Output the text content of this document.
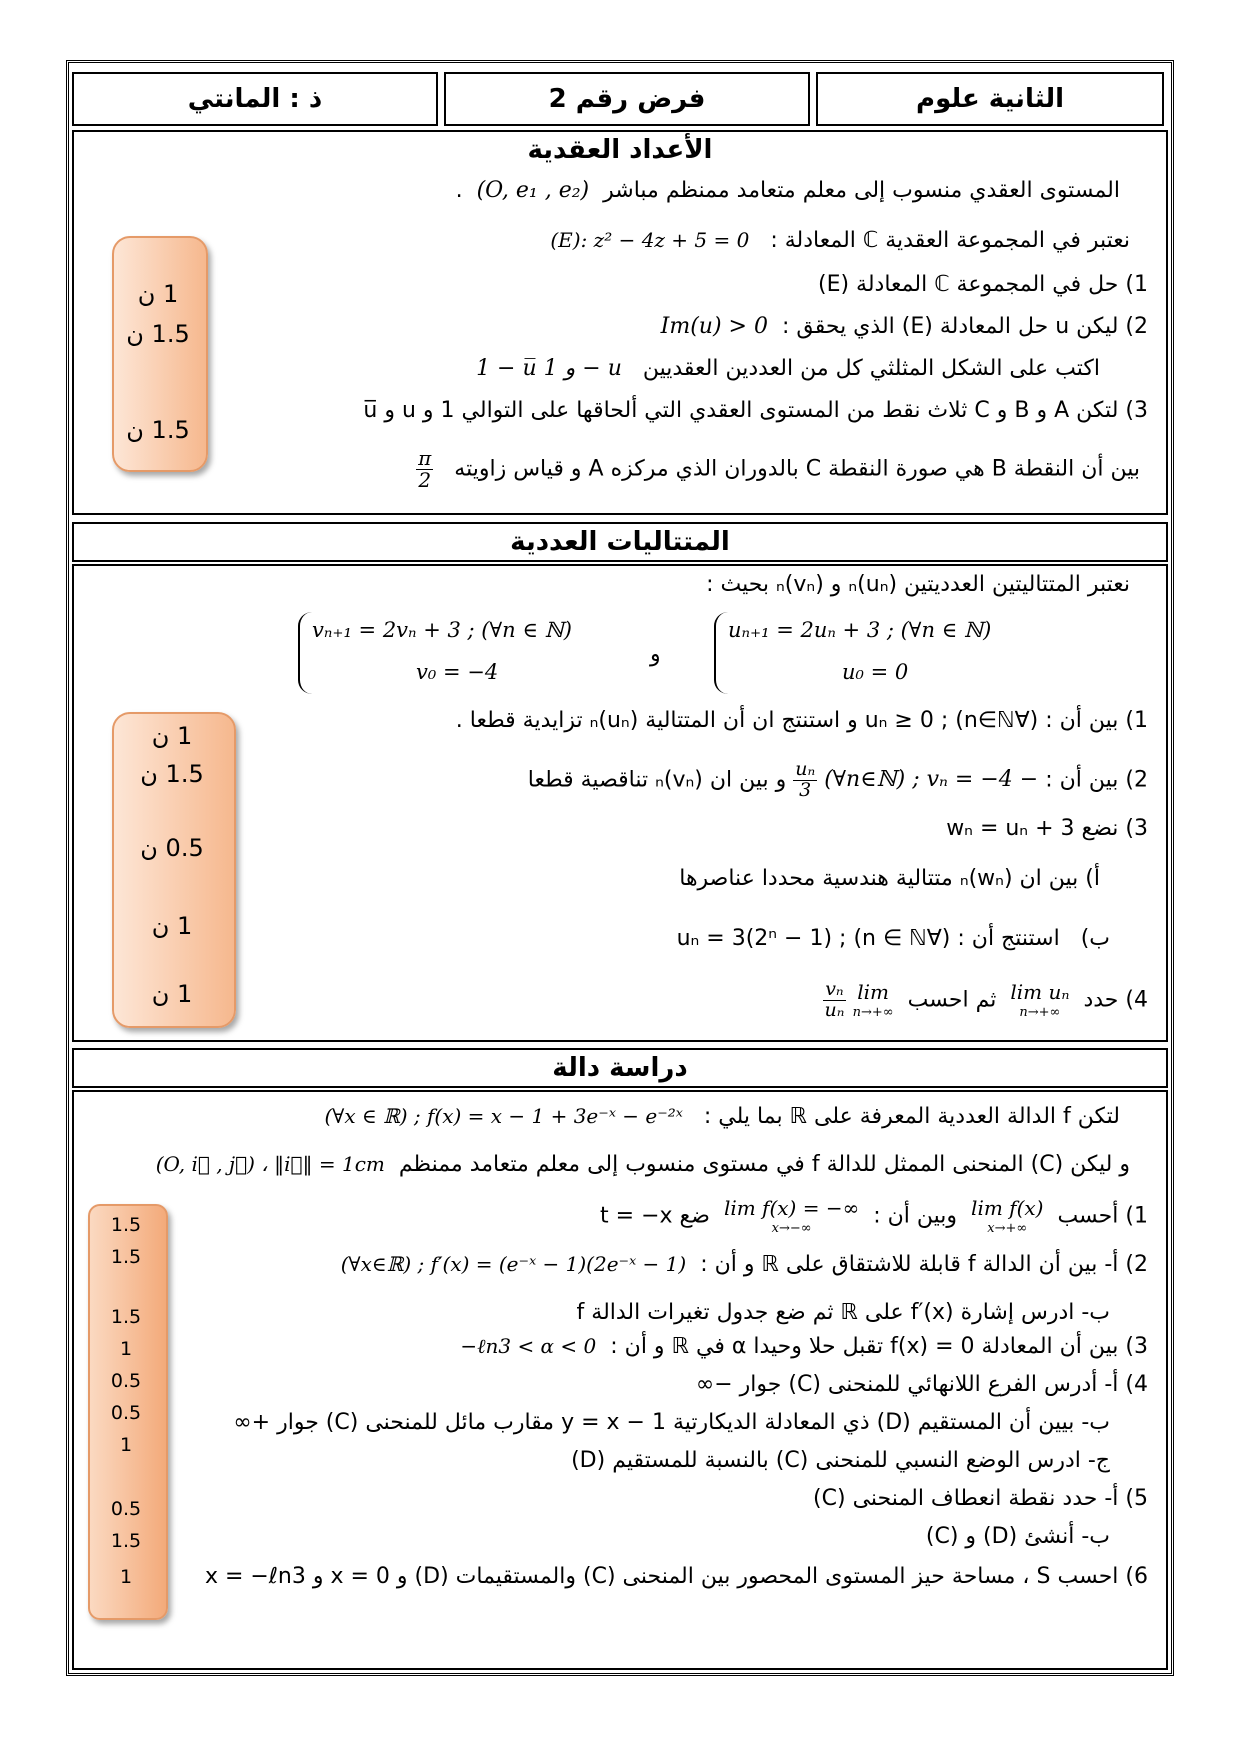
ذ : المانتي	فرض رقم 2	الثانية علوم
الأعداد العقدية
المستوى العقدي منسوب إلى معلم متعامد ممنظم مباشر  (O, e₁ , e₂)  .
نعتبر في المجموعة العقدية ℂ المعادلة :   (E): z² − 4z + 5 = 0
1) حل في المجموعة ℂ المعادلة (E)
2) ليكن u حل المعادلة (E) الذي يحقق :  Im(u) > 0
اكتب على الشكل المثلثي كل من العددين العقديين   1 − u̅ و 1 − u
3) لتكن A و B و C ثلاث نقط من المستوى العقدي التي ألحاقها على التوالي 1 و u و u̅
بين أن النقطة B هي صورة النقطة C بالدوران الذي مركزه A و قياس زاويته
$\frac{\pi}{2}$
1 ن
1.5 ن
1.5 ن
المتتاليات العددية
نعتبر المتتاليتين العدديتين (uₙ)ₙ و (vₙ)ₙ بحيث :
uₙ₊₁ = 2uₙ + 3 ; (∀n ∈ ℕ)
u₀ = 0
و
vₙ₊₁ = 2vₙ + 3 ; (∀n ∈ ℕ)
v₀ = −4
1) بين أن : (∀n∈ℕ) ; uₙ ≥ 0 و استنتج ان أن المتتالية (uₙ)ₙ تزايدية قطعا .
2) بين أن : (∀n∈ℕ) ; vₙ = −4 −
$\frac{\text{uₙ}}{3}$
و بين ان (vₙ)ₙ تناقصية قطعا
3) نضع wₙ = uₙ + 3
أ) بين ان (wₙ)ₙ متتالية هندسية محددا عناصرها
ب)   استنتج أن : (∀n ∈ ℕ) ; uₙ = 3(2ⁿ − 1)
4) حدد  lim uₙ
n→+∞
ثم احسب  lim
n→+∞

$\frac{\text{vₙ}}{\text{uₙ}}$
1 ن
1.5 ن
0.5 ن
1 ن
1 ن
دراسة دالة
لتكن f الدالة العددية المعرفة على ℝ بما يلي :   (∀x ∈ ℝ) ; f(x) = x − 1 + 3e⁻ˣ − e⁻²ˣ
و ليكن (C) المنحنى الممثل للدالة f في مستوى منسوب إلى معلم متعامد ممنظم  (O, i⃗ , j⃗) ، ‖i⃗‖ = 1cm
1) أحسب  lim f(x)
x→+∞
وبين أن :  lim f(x) = −∞
x→−∞
ضع t = −x
2) أ- بين أن الدالة f قابلة للاشتقاق على ℝ و أن :  (∀x∈ℝ) ; f′(x) = (e⁻ˣ − 1)(2e⁻ˣ − 1)
ب- ادرس إشارة f′(x) على ℝ ثم ضع جدول تغيرات الدالة f
3) بين أن المعادلة f(x) = 0 تقبل حلا وحيدا α في ℝ و أن :  −ℓn3 < α < 0
4) أ- أدرس الفرع اللانهائي للمنحنى (C) جوار −∞
ب- بيين أن المستقيم (D) ذي المعادلة الديكارتية y = x − 1 مقارب مائل للمنحنى (C) جوار +∞
ج- ادرس الوضع النسبي للمنحنى (C) بالنسبة للمستقيم (D)
5) أ- حدد نقطة انعطاف المنحنى (C)
ب- أنشئ (D) و (C)
6) احسب S ، مساحة حيز المستوى المحصور بين المنحنى (C) والمستقيمات (D) و x = 0 و x = −ℓn3
1.5
1.5
1.5
1
0.5
0.5
1
0.5
1.5
1
